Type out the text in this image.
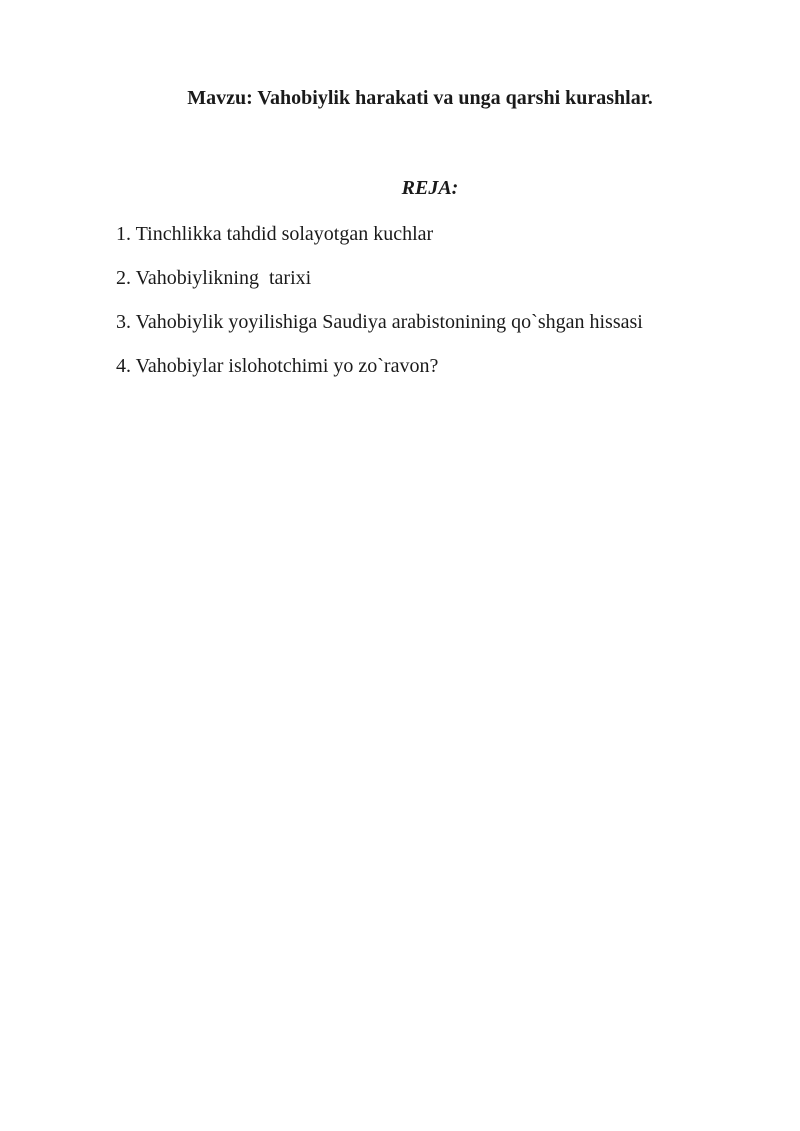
Mavzu: Vahobiylik harakati va unga qarshi kurashlar.
REJA:
1. Tinchlikka tahdid solayotgan kuchlar
2. Vahobiylikning  tarixi
3. Vahobiylik yoyilishiga Saudiya arabistonining qo`shgan hissasi
4. Vahobiylar islohotchimi yo zo`ravon?
